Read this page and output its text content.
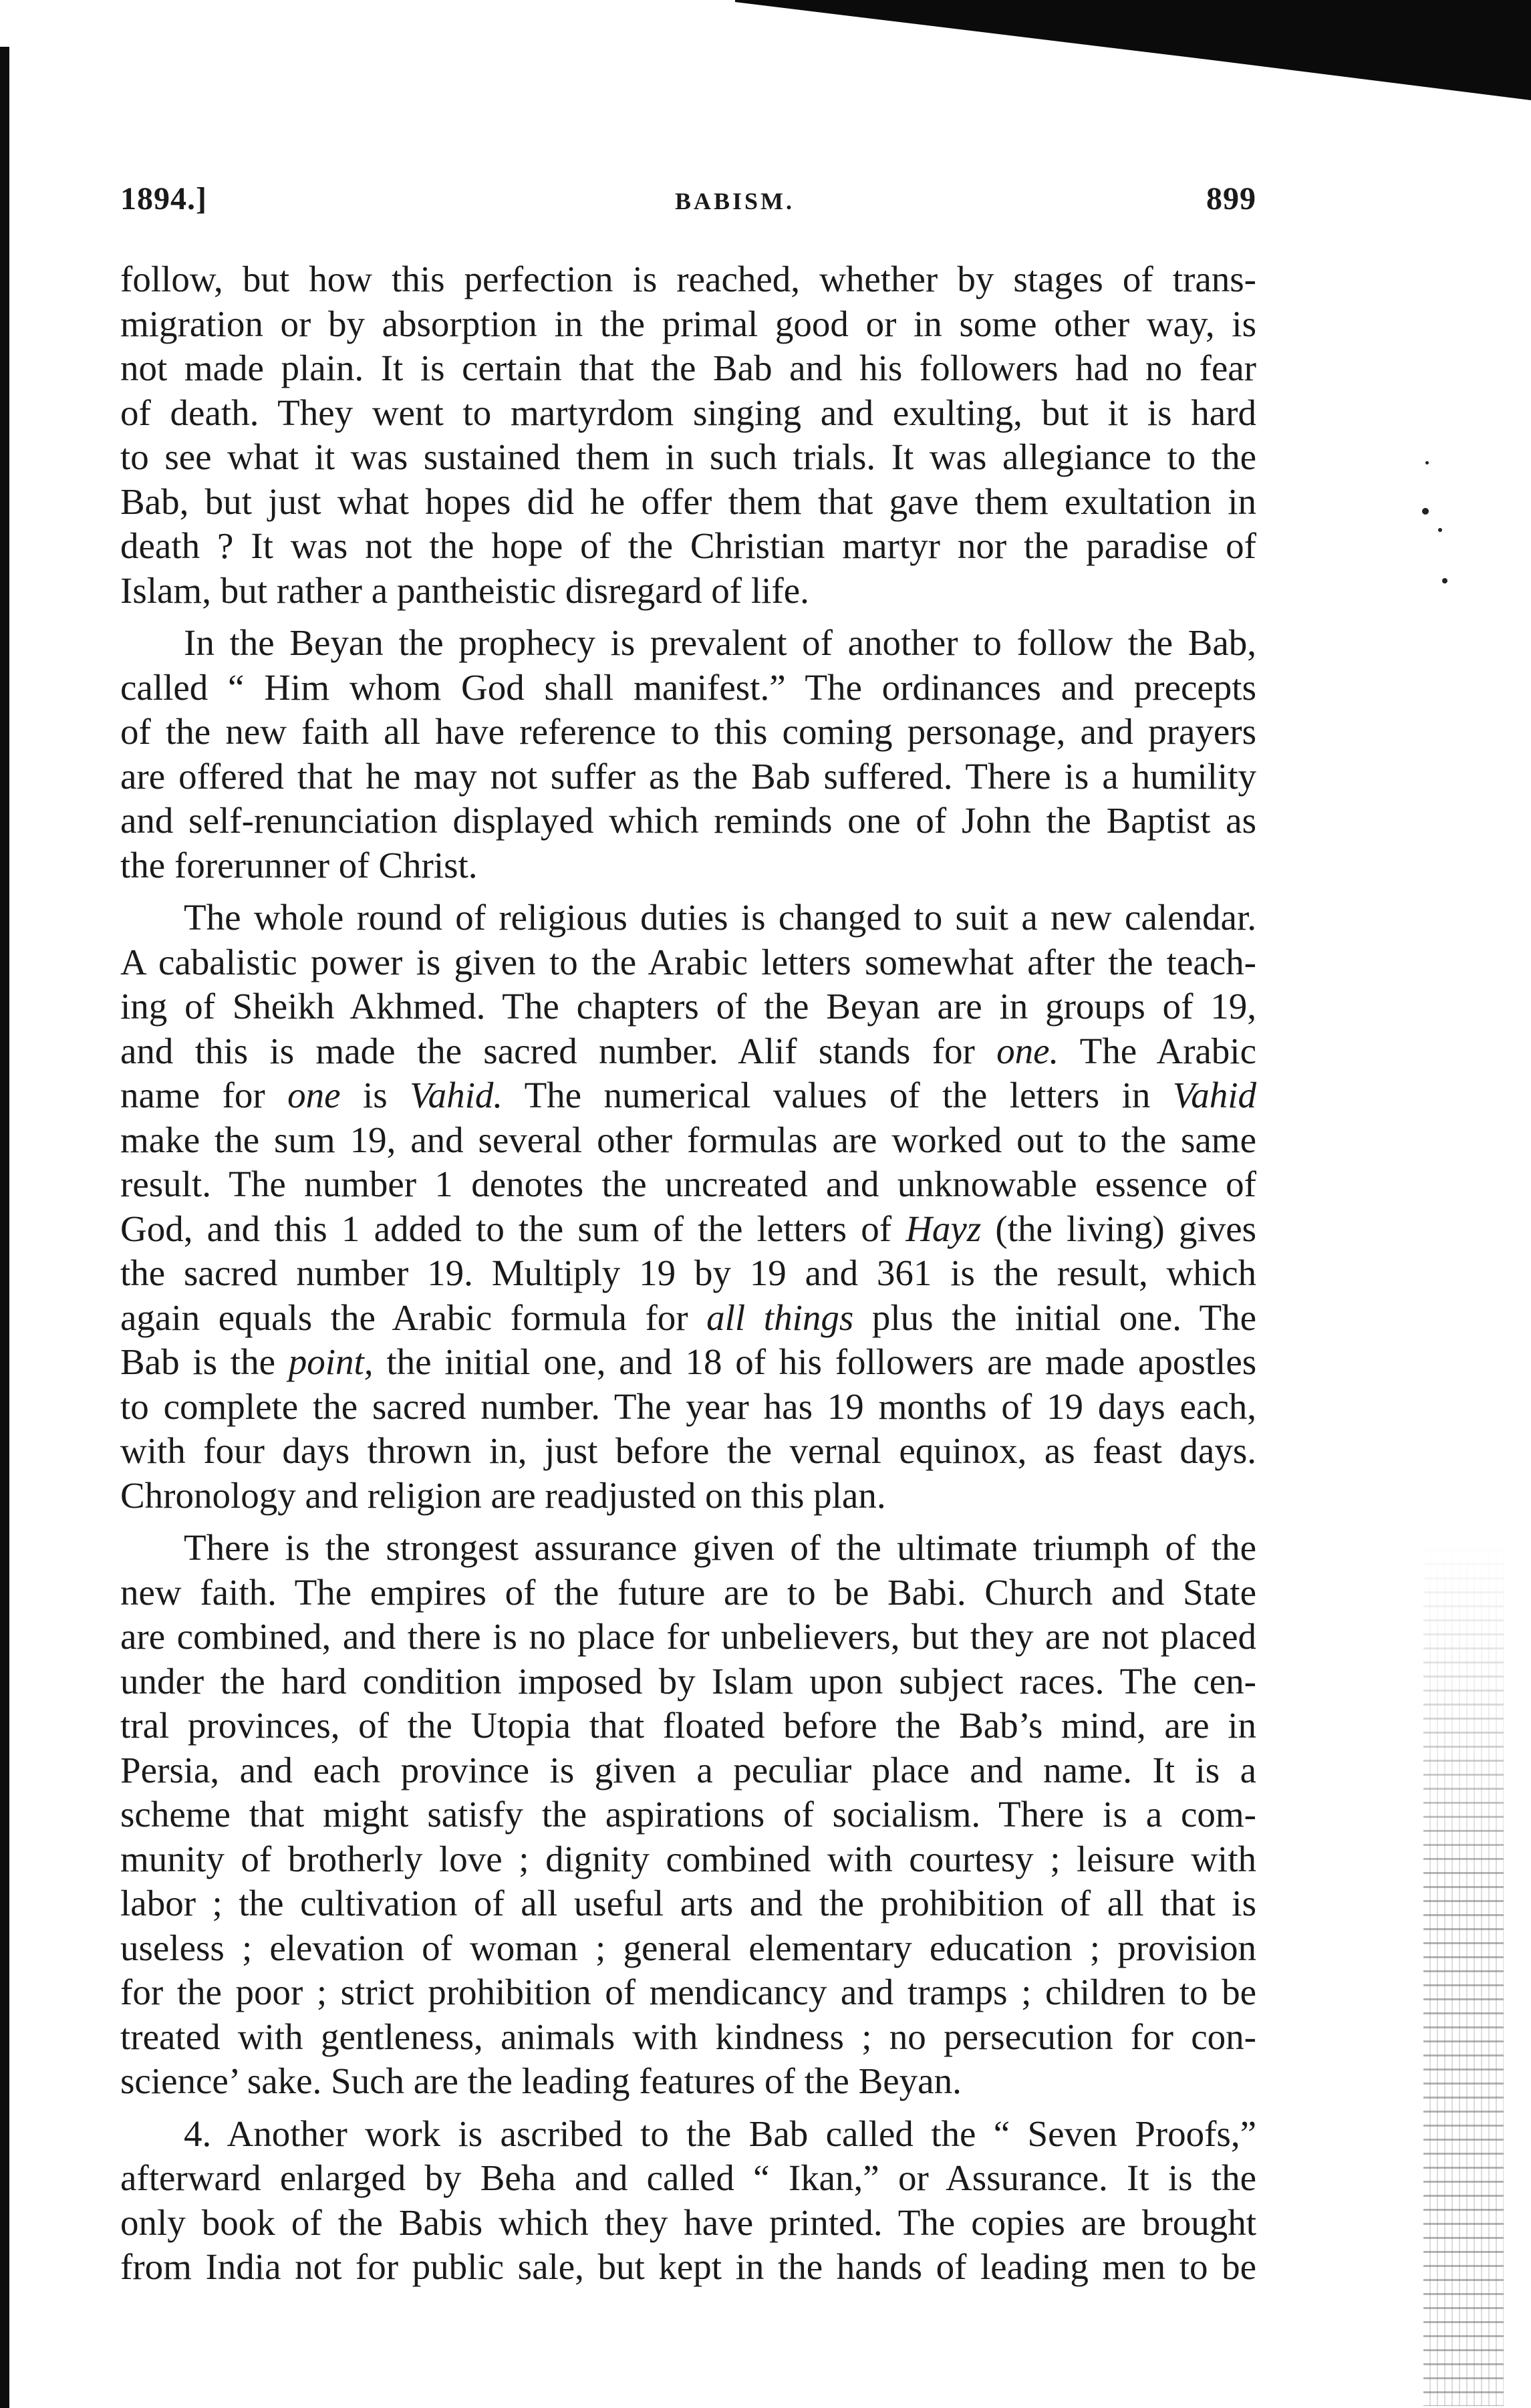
1894.]	BABISM.	899
follow, but how this perfection is reached, whether by stages of trans-
migration or by absorption in the primal good or in some other way, is
not made plain. It is certain that the Bab and his followers had no fear
of death. They went to martyrdom singing and exulting, but it is hard
to see what it was sustained them in such trials. It was allegiance to the
Bab, but just what hopes did he offer them that gave them exultation in
death ? It was not the hope of the Christian martyr nor the paradise of
Islam, but rather a pantheistic disregard of life.
In the Beyan the prophecy is prevalent of another to follow the Bab,
called “ Him whom God shall manifest.” The ordinances and precepts
of the new faith all have reference to this coming personage, and prayers
are offered that he may not suffer as the Bab suffered. There is a humility
and self-renunciation displayed which reminds one of John the Baptist as
the forerunner of Christ.
The whole round of religious duties is changed to suit a new calendar.
A cabalistic power is given to the Arabic letters somewhat after the teach-
ing of Sheikh Akhmed. The chapters of the Beyan are in groups of 19,
and this is made the sacred number. Alif stands for one. The Arabic
name for one is Vahid. The numerical values of the letters in Vahid
make the sum 19, and several other formulas are worked out to the same
result. The number 1 denotes the uncreated and unknowable essence of
God, and this 1 added to the sum of the letters of Hayz (the living) gives
the sacred number 19. Multiply 19 by 19 and 361 is the result, which
again equals the Arabic formula for all things plus the initial one. The
Bab is the point, the initial one, and 18 of his followers are made apostles
to complete the sacred number. The year has 19 months of 19 days each,
with four days thrown in, just before the vernal equinox, as feast days.
Chronology and religion are readjusted on this plan.
There is the strongest assurance given of the ultimate triumph of the
new faith. The empires of the future are to be Babi. Church and State
are combined, and there is no place for unbelievers, but they are not placed
under the hard condition imposed by Islam upon subject races. The cen-
tral provinces, of the Utopia that floated before the Bab’s mind, are in
Persia, and each province is given a peculiar place and name. It is a
scheme that might satisfy the aspirations of socialism. There is a com-
munity of brotherly love ; dignity combined with courtesy ; leisure with
labor ; the cultivation of all useful arts and the prohibition of all that is
useless ; elevation of woman ; general elementary education ; provision
for the poor ; strict prohibition of mendicancy and tramps ; children to be
treated with gentleness, animals with kindness ; no persecution for con-
science’ sake. Such are the leading features of the Beyan.
4. Another work is ascribed to the Bab called the “ Seven Proofs,”
afterward enlarged by Beha and called “ Ikan,” or Assurance. It is the
only book of the Babis which they have printed. The copies are brought
from India not for public sale, but kept in the hands of leading men to be
